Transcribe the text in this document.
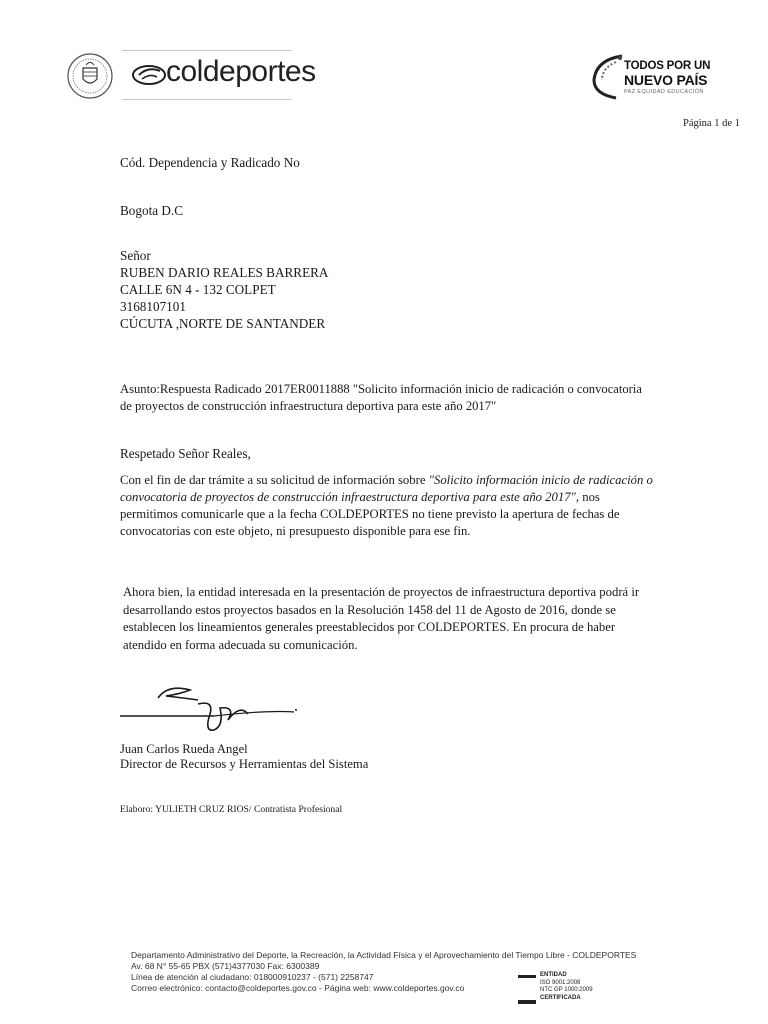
coldeportes	TODOS POR UN
NUEVO PAÍS
PAZ EQUIDAD EDUCACIÓN
Página 1 de 1
Cód. Dependencia y Radicado No
Bogota D.C
Señor
RUBEN DARIO REALES BARRERA
CALLE 6N 4 - 132 COLPET
3168107101
CÚCUTA ,NORTE DE SANTANDER
Asunto:Respuesta Radicado 2017ER0011888 "Solicito información inicio de radicación o convocatoria
de proyectos de construcción infraestructura deportiva para este año 2017"
Respetado Señor Reales,
Con el fin de dar trámite a su solicitud de información sobre "Solicito información inicio de radicación o
convocatoria de proyectos de construcción infraestructura deportiva para este año 2017", nos
permitimos comunicarle que a la fecha COLDEPORTES no tiene previsto la apertura de fechas de
convocatorias con este objeto, ni presupuesto disponible para ese fin.
Ahora bien, la entidad interesada en la presentación de proyectos de infraestructura deportiva podrá ir
desarrollando estos proyectos basados en la Resolución 1458 del 11 de Agosto de 2016, donde se
establecen los lineamientos generales preestablecidos por COLDEPORTES. En procura de haber
atendido en forma adecuada su comunicación.
Juan Carlos Rueda Angel
Director de Recursos y Herramientas del Sistema
Elaboro: YULIETH CRUZ RIOS/ Contratista Profesional
Departamento Administrativo del Deporte, la Recreación, la Actividad Física y el Aprovechamiento del Tiempo Libre - COLDEPORTES
Av. 68 N° 55-65 PBX (571)4377030 Fax: 6300389
Línea de atención al ciudadano: 018000910237 - (571) 2258747
Correo electrónico: contacto@coldeportes.gov.co - Página web: www.coldeportes.gov.co
ENTIDAD
ISO 9001:2008
NTC GP 1000:2009
CERTIFICADA
